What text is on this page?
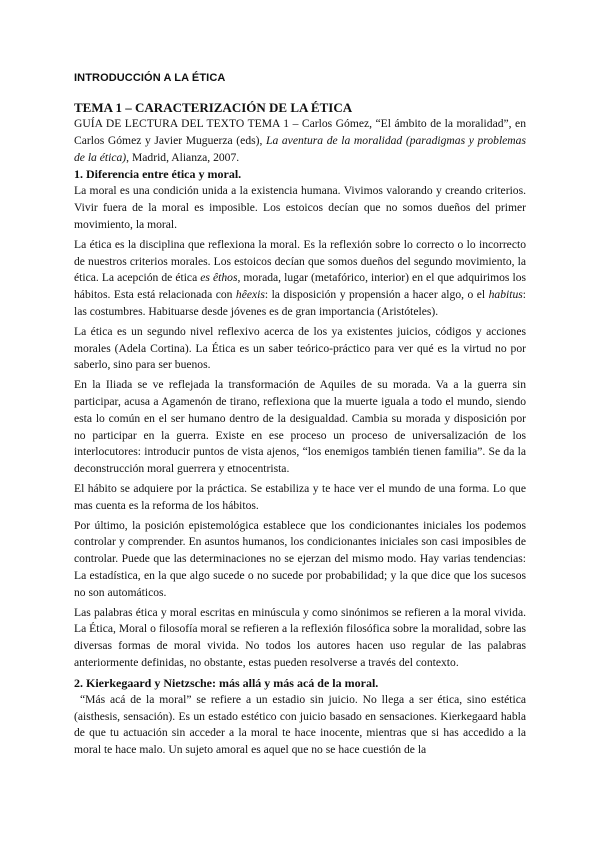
INTRODUCCIÓN A LA ÉTICA
TEMA 1 – CARACTERIZACIÓN DE LA ÉTICA

GUÍA DE LECTURA DEL TEXTO TEMA 1 – Carlos Gómez, “El ámbito de la moralidad”, en Carlos Gómez y Javier Muguerza (eds), La aventura de la moralidad (paradigmas y problemas de la ética), Madrid, Alianza, 2007.

1. Diferencia entre ética y moral.

La moral es una condición unida a la existencia humana. Vivimos valorando y creando criterios. Vivir fuera de la moral es imposible. Los estoicos decían que no somos dueños del primer movimiento, la moral.

La ética es la disciplina que reflexiona la moral. Es la reflexión sobre lo correcto o lo incorrecto de nuestros criterios morales. Los estoicos decían que somos dueños del segundo movimiento, la ética. La acepción de ética es êthos, morada, lugar (metafórico, interior) en el que adquirimos los hábitos. Esta está relacionada con hêexis: la disposición y propensión a hacer algo, o el habitus: las costumbres. Habituarse desde jóvenes es de gran importancia (Aristóteles).

La ética es un segundo nivel reflexivo acerca de los ya existentes juicios, códigos y acciones morales (Adela Cortina). La Ética es un saber teórico-práctico para ver qué es la virtud no por saberlo, sino para ser buenos.

En la Iliada se ve reflejada la transformación de Aquiles de su morada. Va a la guerra sin participar, acusa a Agamenón de tirano, reflexiona que la muerte iguala a todo el mundo, siendo esta lo común en el ser humano dentro de la desigualdad. Cambia su morada y disposición por no participar en la guerra. Existe en ese proceso un proceso de universalización de los interlocutores: introducir puntos de vista ajenos, “los enemigos también tienen familia”. Se da la deconstrucción moral guerrera y etnocentrista.

El hábito se adquiere por la práctica. Se estabiliza y te hace ver el mundo de una forma. Lo que mas cuenta es la reforma de los hábitos.

Por último, la posición epistemológica establece que los condicionantes iniciales los podemos controlar y comprender. En asuntos humanos, los condicionantes iniciales son casi imposibles de controlar. Puede que las determinaciones no se ejerzan del mismo modo. Hay varias tendencias: La estadística, en la que algo sucede o no sucede por probabilidad; y la que dice que los sucesos no son automáticos.

Las palabras ética y moral escritas en minúscula y como sinónimos se refieren a la moral vivida. La Ética, Moral o filosofía moral se refieren a la reflexión filosófica sobre la moralidad, sobre las diversas formas de moral vivida. No todos los autores hacen uso regular de las palabras anteriormente definidas, no obstante, estas pueden resolverse a través del contexto.

2. Kierkegaard y Nietzsche: más allá y más acá de la moral.

“Más acá de la moral” se refiere a un estadio sin juicio. No llega a ser ética, sino estética (aisthesis, sensación). Es un estado estético con juicio basado en sensaciones. Kierkegaard habla de que tu actuación sin acceder a la moral te hace inocente, mientras que si has accedido a la moral te hace malo. Un sujeto amoral es aquel que no se hace cuestión de la
